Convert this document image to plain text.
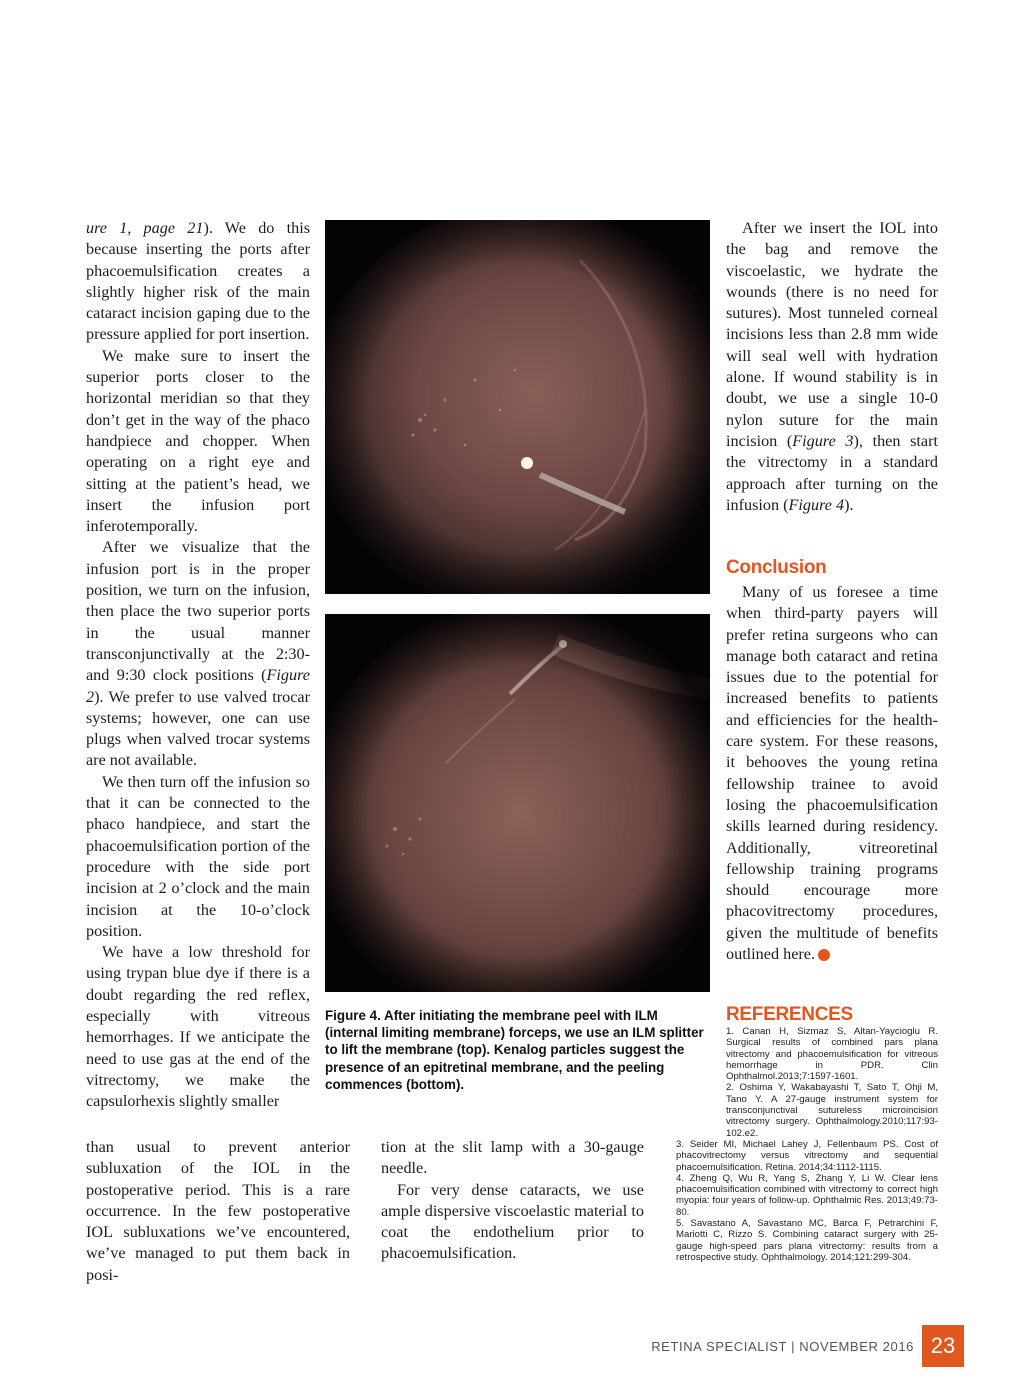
ure 1, page 21). We do this because inserting the ports after phacoemulsification creates a slightly higher risk of the main cataract incision gaping due to the pressure applied for port insertion.

We make sure to insert the superior ports closer to the horizontal meridian so that they don’t get in the way of the phaco handpiece and chopper. When operating on a right eye and sitting at the patient’s head, we insert the infusion port inferotemporally.

After we visualize that the infusion port is in the proper position, we turn on the infusion, then place the two superior ports in the usual manner transconjunctivally at the 2:30- and 9:30 clock positions (Figure 2). We prefer to use valved trocar systems; however, one can use plugs when valved trocar systems are not available.

We then turn off the infusion so that it can be connected to the phaco handpiece, and start the phacoemulsification portion of the procedure with the side port incision at 2 o’clock and the main incision at the 10-o’clock position.

We have a low threshold for using trypan blue dye if there is a doubt regarding the red reflex, especially with vitreous hemorrhages. If we anticipate the need to use gas at the end of the vitrectomy, we make the capsulorhexis slightly smaller

than usual to prevent anterior subluxation of the IOL in the postoperative period. This is a rare occurrence. In the few postoperative IOL subluxations we’ve encountered, we’ve managed to put them back in posi-

tion at the slit lamp with a 30-gauge needle.

For very dense cataracts, we use ample dispersive viscoelastic material to coat the endothelium prior to phacoemulsification.

Figure 4. After initiating the membrane peel with ILM (internal limiting membrane) forceps, we use an ILM splitter to lift the membrane (top). Kenalog particles suggest the presence of an epitretinal membrane, and the peeling commences (bottom).

After we insert the IOL into the bag and remove the viscoelastic, we hydrate the wounds (there is no need for sutures). Most tunneled corneal incisions less than 2.8 mm wide will seal well with hydration alone. If wound stability is in doubt, we use a single 10-0 nylon suture for the main incision (Figure 3), then start the vitrectomy in a standard approach after turning on the infusion (Figure 4).

Conclusion

Many of us foresee a time when third-party payers will prefer retina surgeons who can manage both cataract and retina issues due to the potential for increased benefits to patients and efficiencies for the health-care system. For these reasons, it behooves the young retina fellowship trainee to avoid losing the phacoemulsification skills learned during residency. Additionally, vitreoretinal fellowship training programs should encourage more phacovitrectomy procedures, given the multitude of benefits outlined here.	RS

REFERENCES

1. Canan H, Sizmaz S, Altan-Yaycioglu R. Surgical results of combined pars plana vitrectomy and phacoemulsification for vitreous hemorrhage in PDR. Clin Ophthalmol.2013;7:1597-1601.

2. Oshima Y, Wakabayashi T, Sato T, Ohji M, Tano Y. A 27-gauge instrument system for transconjunctival sutureless microincision vitrectomy surgery. Ophthalmology.2010;117:93-102.e2.

3. Seider MI, Michael Lahey J, Fellenbaum PS. Cost of phacovitrectomy versus vitrectomy and sequential phacoemulsification. Retina. 2014;34:1112-1115.

4. Zheng Q, Wu R, Yang S, Zhang Y, Li W. Clear lens phacoemulsification combined with vitrectomy to correct high myopia: four years of follow-up. Ophthalmic Res. 2013;49:73-80.

5. Savastano A, Savastano MC, Barca F, Petrarchini F, Mariotti C, Rizzo S. Combining cataract surgery with 25-gauge high-speed pars plana vitrectomy: results from a retrospective study. Ophthalmology. 2014;121:299-304.

RETINA SPECIALIST | NOVEMBER 2016 23
